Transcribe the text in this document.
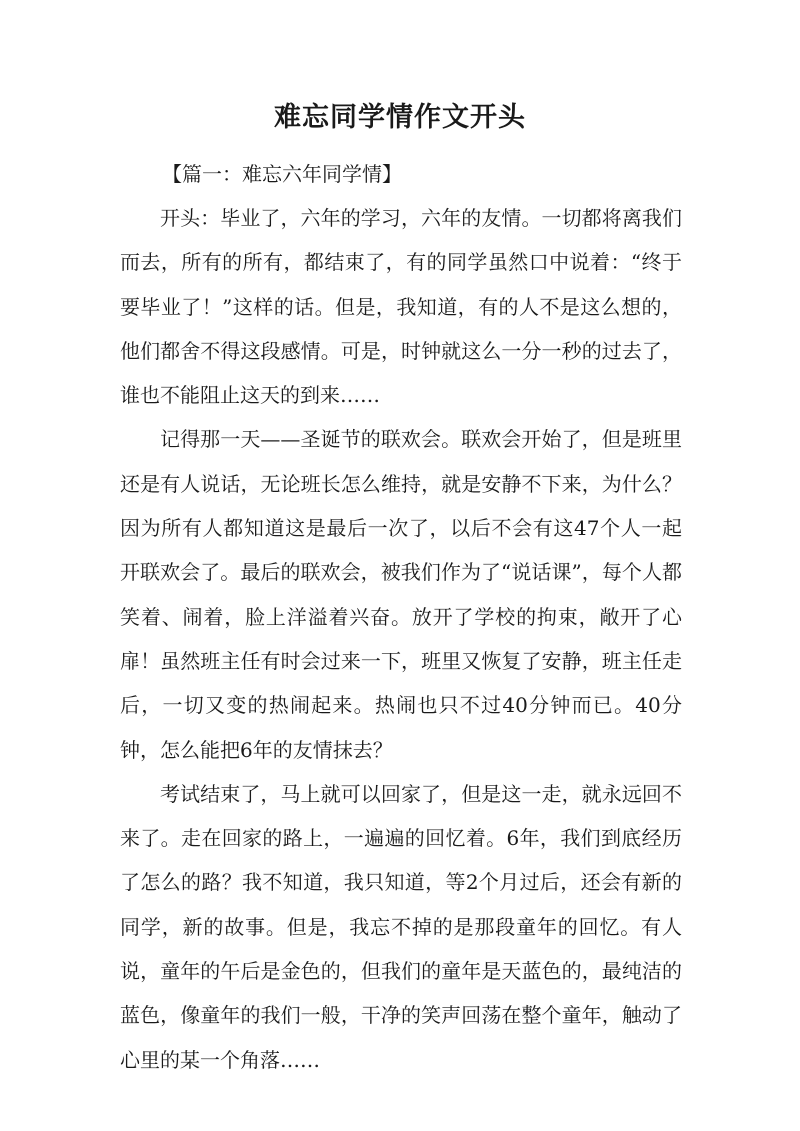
难忘同学情作文开头
【篇一：难忘六年同学情】

开头：毕业了，六年的学习，六年的友情。一切都将离我们而去，所有的所有，都结束了，有的同学虽然口中说着：“终于要毕业了！”这样的话。但是，我知道，有的人不是这么想的，他们都舍不得这段感情。可是，时钟就这么一分一秒的过去了，谁也不能阻止这天的到来……

记得那一天——圣诞节的联欢会。联欢会开始了，但是班里还是有人说话，无论班长怎么维持，就是安静不下来，为什么？因为所有人都知道这是最后一次了，以后不会有这47个人一起开联欢会了。最后的联欢会，被我们作为了“说话课”，每个人都笑着、闹着，脸上洋溢着兴奋。放开了学校的拘束，敞开了心扉！虽然班主任有时会过来一下，班里又恢复了安静，班主任走后，一切又变的热闹起来。热闹也只不过40分钟而已。40分钟，怎么能把6年的友情抹去？

考试结束了，马上就可以回家了，但是这一走，就永远回不来了。走在回家的路上，一遍遍的回忆着。6年，我们到底经历了怎么的路？我不知道，我只知道，等2个月过后，还会有新的同学，新的故事。但是，我忘不掉的是那段童年的回忆。有人说，童年的午后是金色的，但我们的童年是天蓝色的，最纯洁的蓝色，像童年的我们一般，干净的笑声回荡在整个童年，触动了心里的某一个角落……
